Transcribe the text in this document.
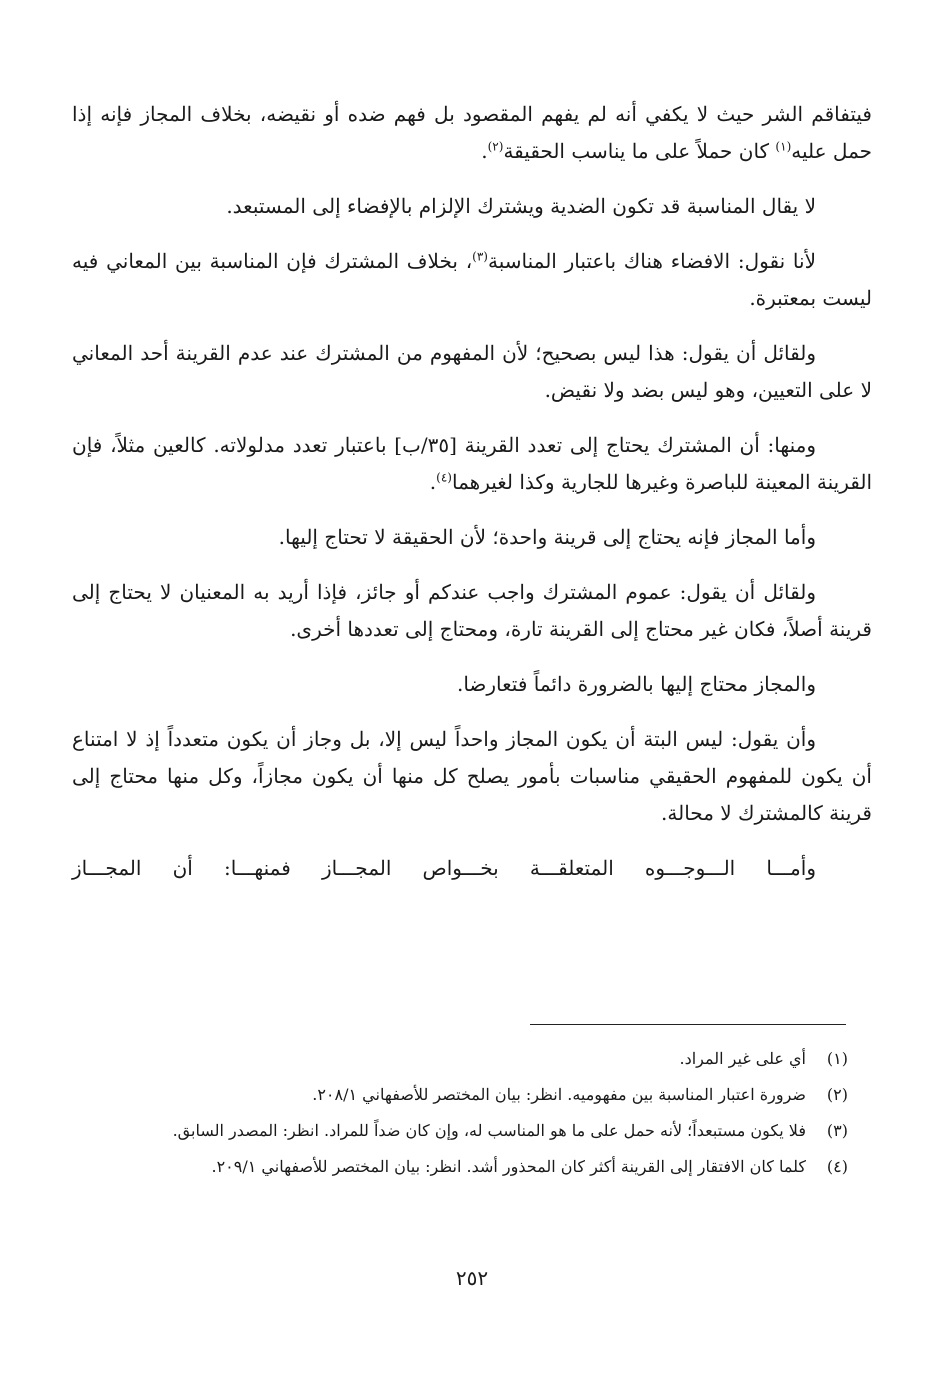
فيتفاقم الشر حيث لا يكفي أنه لم يفهم المقصود بل فهم ضده أو نقيضه، بخلاف المجاز فإنه إذا حمل عليه$^{(١)}$ كان حملاً على ما يناسب الحقيقة$^{(٢)}$.

لا يقال المناسبة قد تكون الضدية ويشترك الإلزام بالإفضاء إلى المستبعد.

لأنا نقول: الافضاء هناك باعتبار المناسبة$^{(٣)}$، بخلاف المشترك فإن المناسبة بين المعاني فيه ليست بمعتبرة.

ولقائل أن يقول: هذا ليس بصحيح؛ لأن المفهوم من المشترك عند عدم القرينة أحد المعاني لا على التعيين، وهو ليس بضد ولا نقيض.

ومنها: أن المشترك يحتاج إلى تعدد القرينة [٣٥/ب] باعتبار تعدد مدلولاته. كالعين مثلاً، فإن القرينة المعينة للباصرة وغيرها للجارية وكذا لغيرهما$^{(٤)}$.

وأما المجاز فإنه يحتاج إلى قرينة واحدة؛ لأن الحقيقة لا تحتاج إليها.

ولقائل أن يقول: عموم المشترك واجب عندكم أو جائز، فإذا أريد به المعنيان لا يحتاج إلى قرينة أصلاً، فكان غير محتاج إلى القرينة تارة، ومحتاج إلى تعددها أخرى.

والمجاز محتاج إليها بالضرورة دائماً فتعارضا.

وأن يقول: ليس البتة أن يكون المجاز واحداً ليس إلا، بل وجاز أن يكون متعدداً إذ لا امتناع أن يكون للمفهوم الحقيقي مناسبات بأمور يصلح كل منها أن يكون مجازاً، وكل منها محتاج إلى قرينة كالمشترك لا محالة.

وأمـــا الـــوجـــوه المتعلقـــة بخـــواص المجـــاز فمنهـــا: أن المجـــاز

(١)
أي على غير المراد.
(٢)
ضرورة اعتبار المناسبة بين مفهوميه. انظر: بيان المختصر للأصفهاني ٢٠٨/١.
(٣)
فلا يكون مستبعداً؛ لأنه حمل على ما هو المناسب له، وإن كان ضداً للمراد. انظر: المصدر السابق.
(٤)
كلما كان الافتقار إلى القرينة أكثر كان المحذور أشد. انظر: بيان المختصر للأصفهاني ٢٠٩/١.
٢٥٢
